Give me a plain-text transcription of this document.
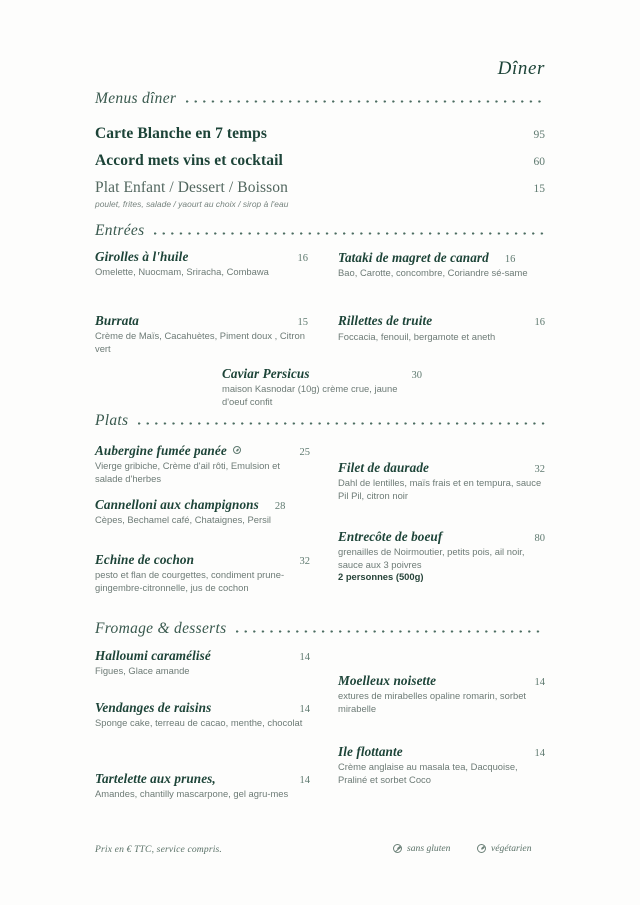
Dîner
Menus dîner
Carte Blanche en 7 temps	95
Accord mets vins et cocktail	60
Plat Enfant / Dessert / Boisson	15
poulet, frites, salade / yaourt au choix / sirop à l'eau
Entrées
Girolles à l'huile	16
Omelette, Nuocmam, Sriracha, Combawa
Burrata	15
Crème de Maïs, Cacahuètes, Piment doux , Citron vert
Tataki de magret de canard	16
Bao, Carotte, concombre, Coriandre sé-same
Rillettes de truite	16
Foccacia, fenouil, bergamote et aneth
Caviar Persicus	30
maison Kasnodar (10g) crème crue, jaune d'oeuf confit
Plats
Aubergine fumée panée	25
Vierge gribiche, Crème d'ail rôti, Emulsion et salade d'herbes
Cannelloni aux champignons	28
Cèpes, Bechamel café, Chataignes, Persil
Echine de cochon	32
pesto et flan de courgettes, condiment prune-gingembre-citronnelle, jus de cochon
Filet de daurade	32
Dahl de lentilles, maïs frais et en tempura, sauce Pil Pil, citron noir
Entrecôte de boeuf	80
grenailles de Noirmoutier, petits pois, ail noir, sauce aux 3 poivres
2 personnes (500g)
Fromage & desserts
Halloumi caramélisé	14
Figues, Glace amande
Vendanges de raisins	14
Sponge cake, terreau de cacao, menthe, chocolat
Tartelette aux prunes,	14
Amandes, chantilly mascarpone, gel agru-mes
Moelleux noisette	14
extures de mirabelles opaline romarin, sorbet mirabelle
Ile flottante	14
Crème anglaise au masala tea, Dacquoise, Praliné et sorbet Coco
Prix en € TTC, service compris.	sans gluten	végétarien
